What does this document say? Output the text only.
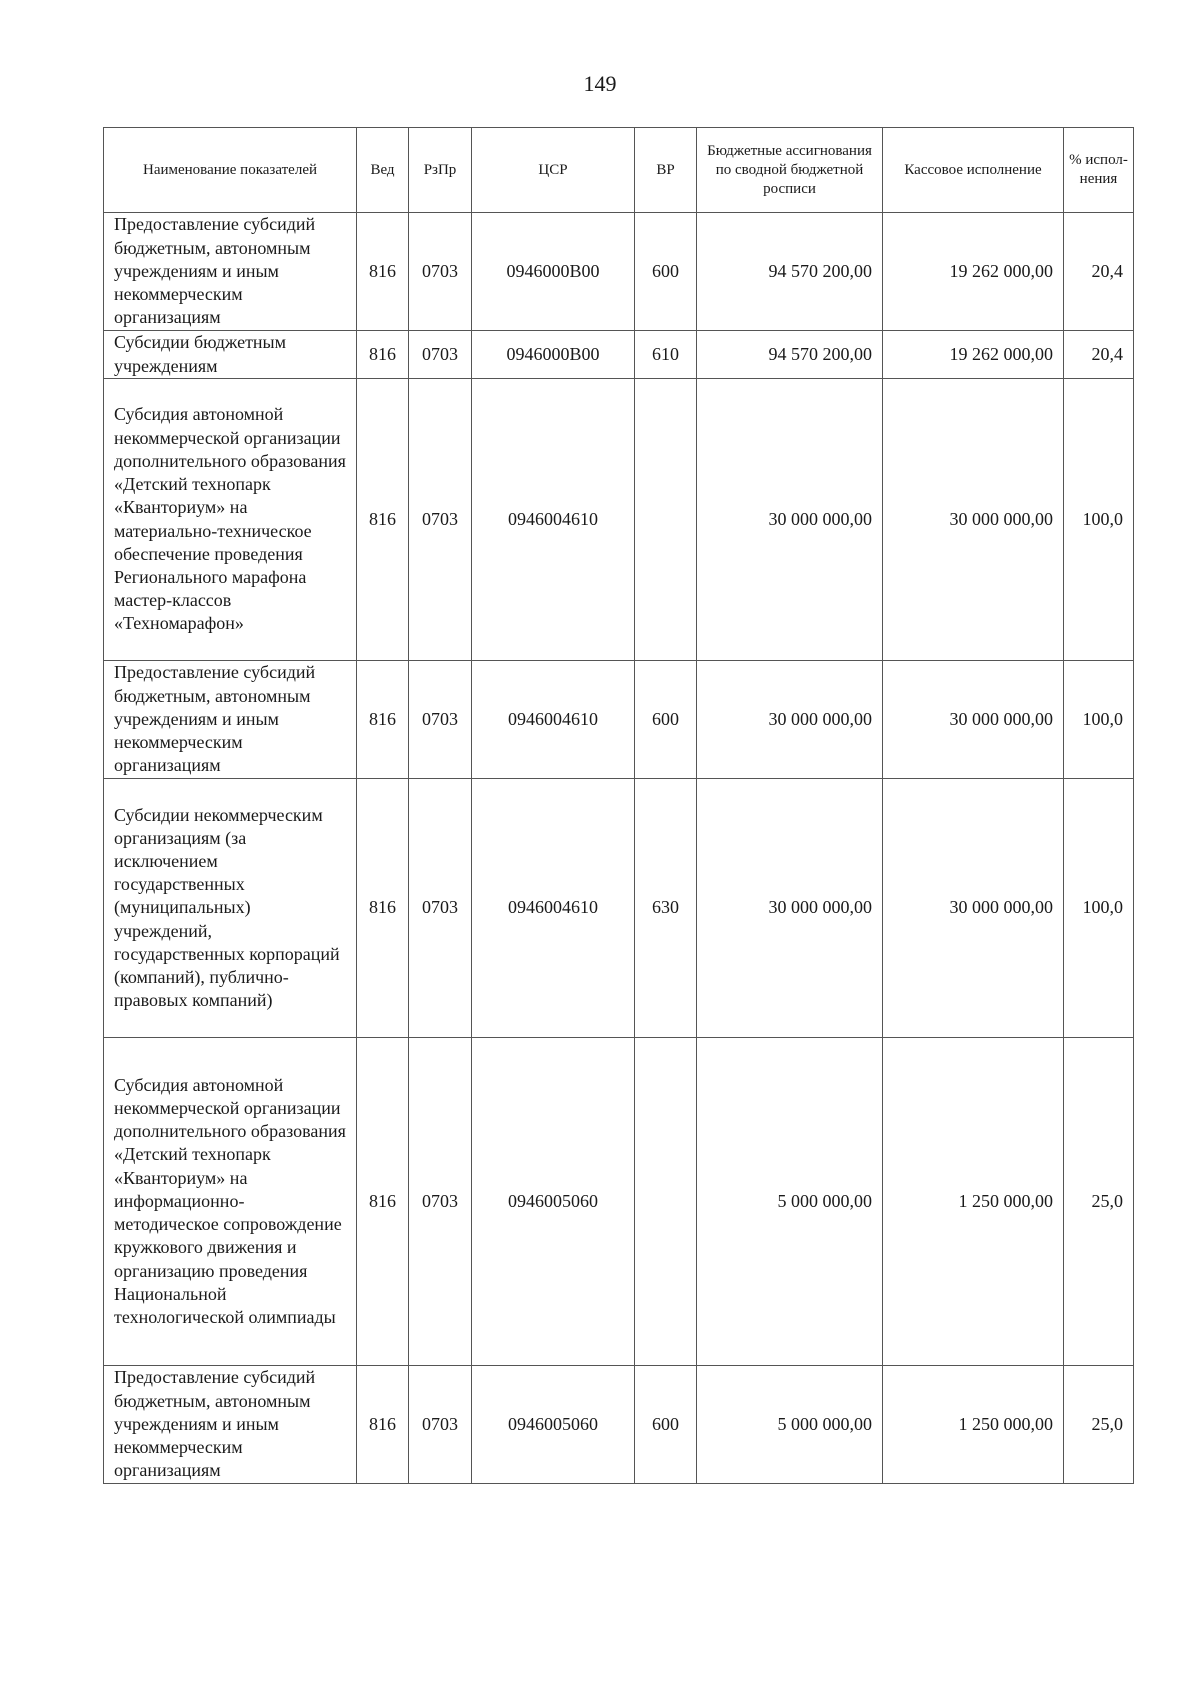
149
Наименование показателей	Вед	РзПр	ЦСР	ВР	Бюджетные ассигнования по сводной бюджетной росписи	Кассовое исполнение	% испол-нения
Предоставление субсидий бюджетным, автономным учреждениям и иным некоммерческим организациям	816	0703	0946000В00	600	94 570 200,00	19 262 000,00	20,4
Субсидии бюджетным учреждениям	816	0703	0946000В00	610	94 570 200,00	19 262 000,00	20,4
Субсидия автономной некоммерческой организации дополнительного образования «Детский технопарк «Кванториум» на материально-техническое обеспечение проведения Регионального марафона мастер-классов «Техномарафон»	816	0703	0946004610		30 000 000,00	30 000 000,00	100,0
Предоставление субсидий бюджетным, автономным учреждениям и иным некоммерческим организациям	816	0703	0946004610	600	30 000 000,00	30 000 000,00	100,0
Субсидии некоммерческим организациям (за исключением государственных (муниципальных) учреждений, государственных корпораций (компаний), публично-правовых компаний)	816	0703	0946004610	630	30 000 000,00	30 000 000,00	100,0
Субсидия автономной некоммерческой организации дополнительного образования «Детский технопарк «Кванториум» на информационно-методическое сопровождение кружкового движения и организацию проведения Национальной технологической олимпиады	816	0703	0946005060		5 000 000,00	1 250 000,00	25,0
Предоставление субсидий бюджетным, автономным учреждениям и иным некоммерческим организациям	816	0703	0946005060	600	5 000 000,00	1 250 000,00	25,0
